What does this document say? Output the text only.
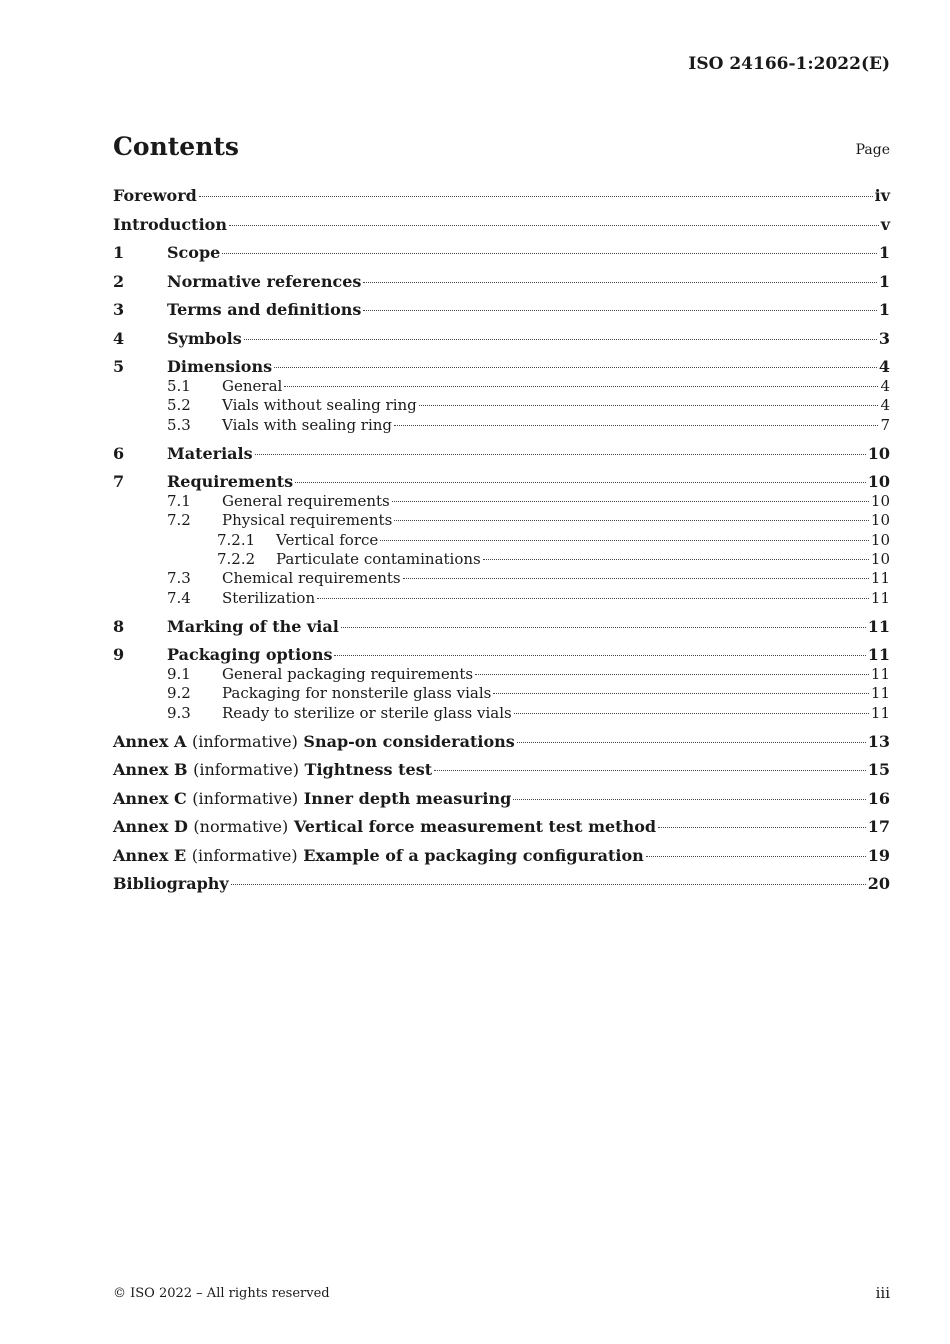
ISO 24166-1:2022(E)
Contents	Page
Foreword	iv
Introduction	v
1	Scope	1
2	Normative references	1
3	Terms and definitions	1
4	Symbols	3
5	Dimensions	4
5.1	General	4
5.2	Vials without sealing ring	4
5.3	Vials with sealing ring	7
6	Materials	10
7	Requirements	10
7.1	General requirements	10
7.2	Physical requirements	10
7.2.1	Vertical force	10
7.2.2	Particulate contaminations	10
7.3	Chemical requirements	11
7.4	Sterilization	11
8	Marking of the vial	11
9	Packaging options	11
9.1	General packaging requirements	11
9.2	Packaging for nonsterile glass vials	11
9.3	Ready to sterilize or sterile glass vials	11
Annex A (informative) Snap-on considerations	13
Annex B (informative) Tightness test	15
Annex C (informative) Inner depth measuring	16
Annex D (normative) Vertical force measurement test method	17
Annex E (informative) Example of a packaging configuration	19
Bibliography	20
© ISO 2022 – All rights reserved	iii
